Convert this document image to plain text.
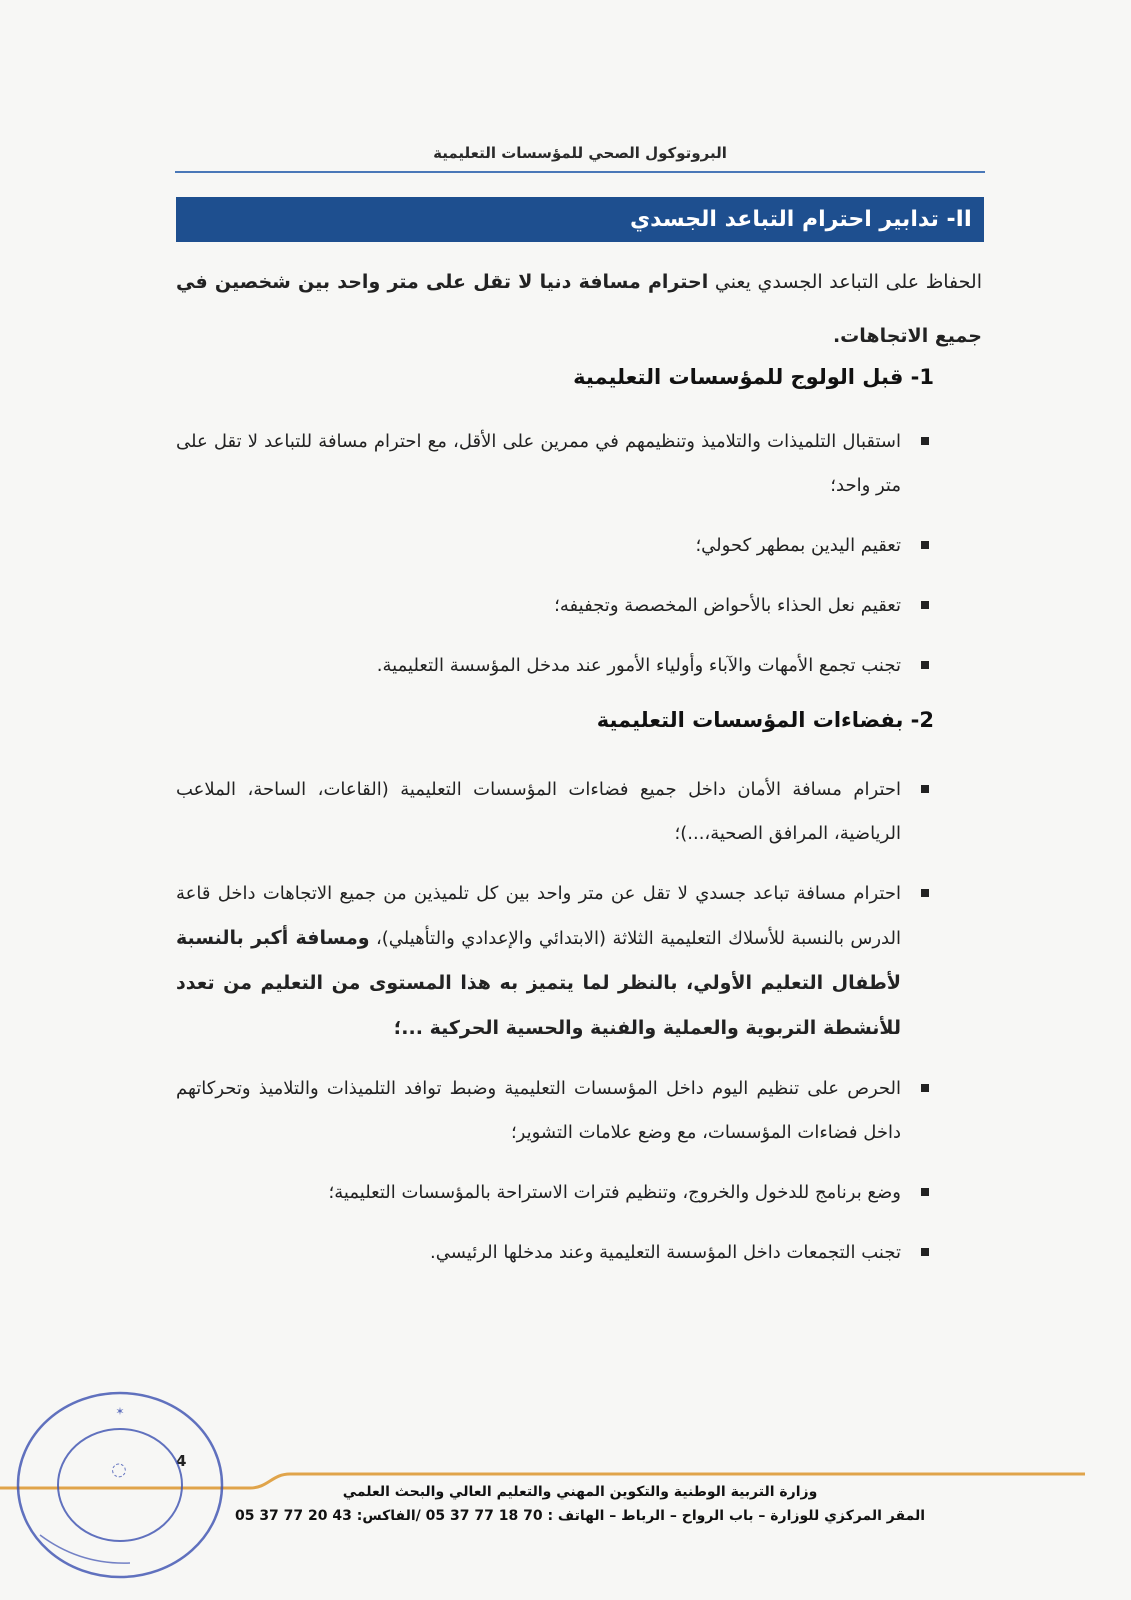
البروتوكول الصحي للمؤسسات التعليمية
II- تدابير احترام التباعد الجسدي
الحفاظ على التباعد الجسدي يعني احترام مسافة دنيا لا تقل على متر واحد بين شخصين في جميع الاتجاهات.
1- قبل الولوج للمؤسسات التعليمية
استقبال التلميذات والتلاميذ وتنظيمهم في ممرين على الأقل، مع احترام مسافة للتباعد لا تقل على متر واحد؛
تعقيم اليدين بمطهر كحولي؛
تعقيم نعل الحذاء بالأحواض المخصصة وتجفيفه؛
تجنب تجمع الأمهات والآباء وأولياء الأمور عند مدخل المؤسسة التعليمية.
2- بفضاءات المؤسسات التعليمية
احترام مسافة الأمان داخل جميع فضاءات المؤسسات التعليمية (القاعات، الساحة، الملاعب الرياضية، المرافق الصحية،...)؛
احترام مسافة تباعد جسدي لا تقل عن متر واحد بين كل تلميذين من جميع الاتجاهات داخل قاعة الدرس بالنسبة للأسلاك التعليمية الثلاثة (الابتدائي والإعدادي والتأهيلي)، ومسافة أكبر بالنسبة لأطفال التعليم الأولي، بالنظر لما يتميز به هذا المستوى من التعليم من تعدد للأنشطة التربوية والعملية والفنية والحسية الحركية ...؛
الحرص على تنظيم اليوم داخل المؤسسات التعليمية وضبط توافد التلميذات والتلاميذ وتحركاتهم داخل فضاءات المؤسسات، مع وضع علامات التشوير؛
وضع برنامج للدخول والخروج، وتنظيم فترات الاستراحة بالمؤسسات التعليمية؛
تجنب التجمعات داخل المؤسسة التعليمية وعند مدخلها الرئيسي.
4
وزارة التربية الوطنية والتكوين المهني والتعليم العالي والبحث العلمي
المقر المركزي للوزارة – باب الرواح – الرباط – الهاتف : 70 18 77 37 05 /الفاكس: 43 20 77 37 05
✶
◌
